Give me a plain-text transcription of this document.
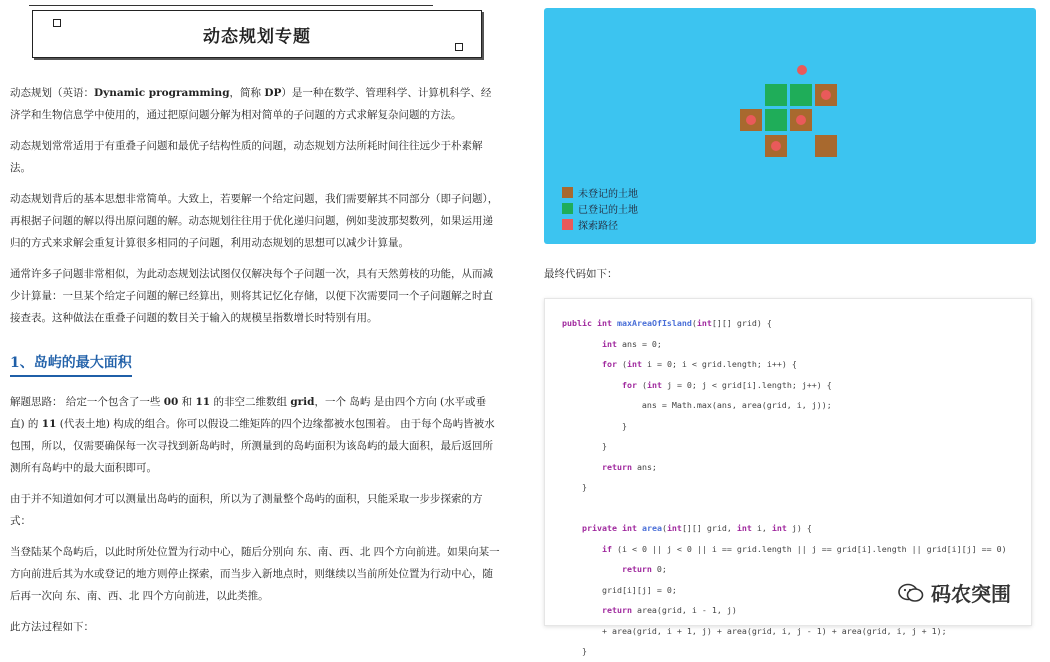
动态规划专题

动态规划（英语：Dynamic programming，简称 DP）是一种在数学、管理科学、计算机科学、经济学和生物信息学中使用的，通过把原问题分解为相对简单的子问题的方式求解复杂问题的方法。

动态规划常常适用于有重叠子问题和最优子结构性质的问题，动态规划方法所耗时间往往远少于朴素解法。

动态规划背后的基本思想非常简单。大致上，若要解一个给定问题，我们需要解其不同部分（即子问题），再根据子问题的解以得出原问题的解。动态规划往往用于优化递归问题，例如斐波那契数列，如果运用递归的方式来求解会重复计算很多相同的子问题，利用动态规划的思想可以减少计算量。

通常许多子问题非常相似，为此动态规划法试图仅仅解决每个子问题一次，具有天然剪枝的功能，从而减少计算量：一旦某个给定子问题的解已经算出，则将其记忆化存储，以便下次需要同一个子问题解之时直接查表。这种做法在重叠子问题的数目关于输入的规模呈指数增长时特别有用。

1、岛屿的最大面积

解题思路： 给定一个包含了一些 00 和 11 的非空二维数组 grid，一个 岛屿 是由四个方向 (水平或垂直) 的 11 (代表土地) 构成的组合。你可以假设二维矩阵的四个边缘都被水包围着。 由于每个岛屿皆被水包围，所以，仅需要确保每一次寻找到新岛屿时，所测量到的岛屿面积为该岛屿的最大面积，最后返回所测所有岛屿中的最大面积即可。

由于并不知道如何才可以测量出岛屿的面积，所以为了测量整个岛屿的面积，只能采取一步步探索的方式：

当登陆某个岛屿后，以此时所处位置为行动中心，随后分别向 东、南、西、北 四个方向前进。如果向某一方向前进后其为水或登记的地方则停止探索，而当步入新地点时，则继续以当前所处位置为行动中心，随后再一次向 东、南、西、北 四个方向前进，以此类推。

此方法过程如下：

未登记的土地
已登记的土地
探索路径
最终代码如下：
public int maxAreaOfIsland(int[][] grid) {
int ans = 0;
for (int i = 0; i < grid.length; i++) {
for (int j = 0; j < grid[i].length; j++) {
ans = Math.max(ans, area(grid, i, j));
}
}
return ans;
}

private int area(int[][] grid, int i, int j) {
if (i < 0 || j < 0 || i == grid.length || j == grid[i].length || grid[i][j] == 0)
return 0;
grid[i][j] = 0;
return area(grid, i - 1, j)
+ area(grid, i + 1, j) + area(grid, i, j - 1) + area(grid, i, j + 1);
}
码农突围
